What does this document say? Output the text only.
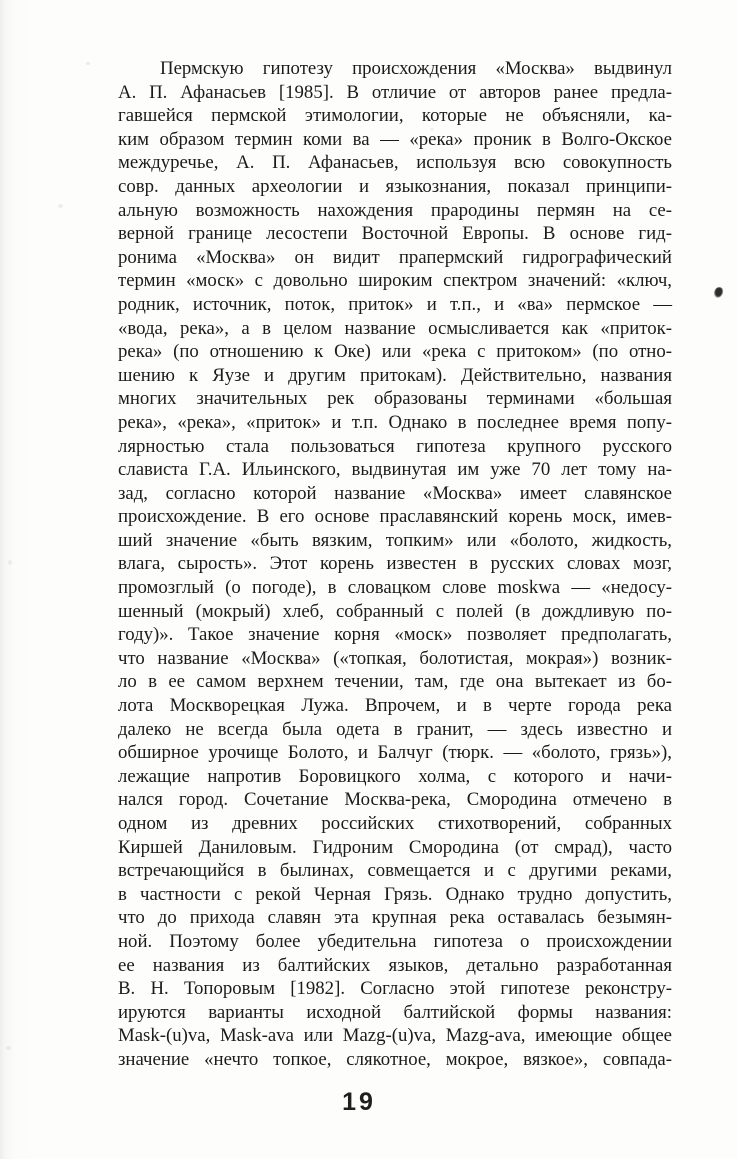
Пермскую гипотезу происхождения «Москва» выдвинул
А. П. Афанасьев [1985]. В отличие от авторов ранее предла-
гавшейся пермской этимологии, которые не объясняли, ка-
ким образом термин коми ва — «река» проник в Волго-Окское
междуречье, А. П. Афанасьев, используя всю совокупность
совр. данных археологии и языкознания, показал принципи-
альную возможность нахождения прародины пермян на се-
верной границе лесостепи Восточной Европы. В основе гид-
ронима «Москва» он видит прапермский гидрографический
термин «моск» с довольно широким спектром значений: «ключ,
родник, источник, поток, приток» и т.п., и «ва» пермское —
«вода, река», а в целом название осмысливается как «приток-
река» (по отношению к Оке) или «река с притоком» (по отно-
шению к Яузе и другим притокам). Действительно, названия
многих значительных рек образованы терминами «большая
река», «река», «приток» и т.п. Однако в последнее время попу-
лярностью стала пользоваться гипотеза крупного русского
слависта Г.А. Ильинского, выдвинутая им уже 70 лет тому на-
зад, согласно которой название «Москва» имеет славянское
происхождение. В его основе праславянский корень моск, имев-
ший значение «быть вязким, топким» или «болото, жидкость,
влага, сырость». Этот корень известен в русских словах мозг,
промозглый (о погоде), в словацком слове moskwa — «недосу-
шенный (мокрый) хлеб, собранный с полей (в дождливую по-
году)». Такое значение корня «моск» позволяет предполагать,
что название «Москва» («топкая, болотистая, мокрая») возник-
ло в ее самом верхнем течении, там, где она вытекает из бо-
лота Москворецкая Лужа. Впрочем, и в черте города река
далеко не всегда была одета в гранит, — здесь известно и
обширное урочище Болото, и Балчуг (тюрк. — «болото, грязь»),
лежащие напротив Боровицкого холма, с которого и начи-
нался город. Сочетание Москва-река, Смородина отмечено в
одном из древних российских стихотворений, собранных
Киршей Даниловым. Гидроним Смородина (от смрад), часто
встречающийся в былинах, совмещается и с другими реками,
в частности с рекой Черная Грязь. Однако трудно допустить,
что до прихода славян эта крупная река оставалась безымян-
ной. Поэтому более убедительна гипотеза о происхождении
ее названия из балтийских языков, детально разработанная
В. Н. Топоровым [1982]. Согласно этой гипотезе реконстру-
ируются варианты исходной балтийской формы названия:
Mask-(u)va, Mask-ava или Mazg-(u)va, Mazg-ava, имеющие общее
значение «нечто топкое, слякотное, мокрое, вязкое», совпада-
19
